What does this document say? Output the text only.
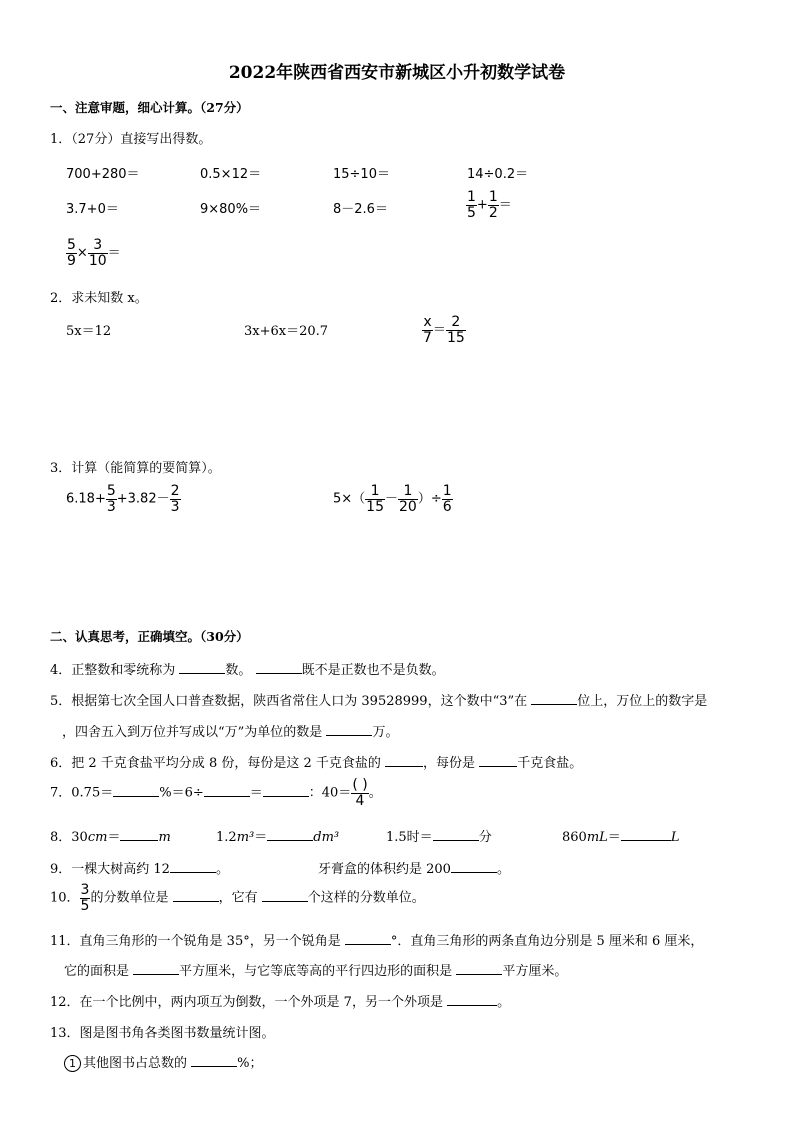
2022年陕西省西安市新城区小升初数学试卷
一、注意审题，细心计算。（27分）
1．（27分）直接写出得数。
700+280＝	0.5×12＝	15÷10＝	14÷0.2＝
3.7+0＝	9×80%＝	8－2.6＝	$\frac{1}{5} + \frac{1}{2}$ ＝
$\frac{5}{9} \times \frac{3}{10}$ ＝
2．求未知数 x。
5x＝12	3x+6x＝20.7	$\frac{x}{7} = \frac{2}{15}$
3．计算（能简算的要简算）。
$6.18+ \frac{5}{3} +3.82- \frac{2}{3}$	$5\times( \frac{1}{15} - \frac{1}{20}$ ）÷ $\frac{1}{6}$
二、认真思考，正确填空。（30分）
4．正整数和零统称为	数。	既不是正数也不是负数。
5．根据第七次全国人口普查数据，陕西省常住人口为 39528999，这个数中“3”在	位上，万位上的数字是
，四舍五入到万位并写成以“万”为单位的数是	万。
6．把 2 千克食盐平均分成 8 份，每份是这 2 千克食盐的	，每份是	千克食盐。
7．0.75＝	%＝6÷	＝	：$40= \frac{( )}{4}$ 。
8．30cm＝	m	1.2m³＝	dm³	1.5时＝	分	860mL＝	L
9．一棵大树高约 12	。	牙膏盒的体积约是 200	。
10． $\frac{3}{5}$ 的分数单位是	，它有	个这样的分数单位。
11．直角三角形的一个锐角是 35°，另一个锐角是	°．直角三角形的两条直角边分别是 5 厘米和 6 厘米，
它的面积是	平方厘米，与它等底等高的平行四边形的面积是	平方厘米。
12．在一个比例中，两内项互为倒数，一个外项是 7，另一个外项是	。
13．图是图书角各类图书数量统计图。
1 其他图书占总数的	%；
